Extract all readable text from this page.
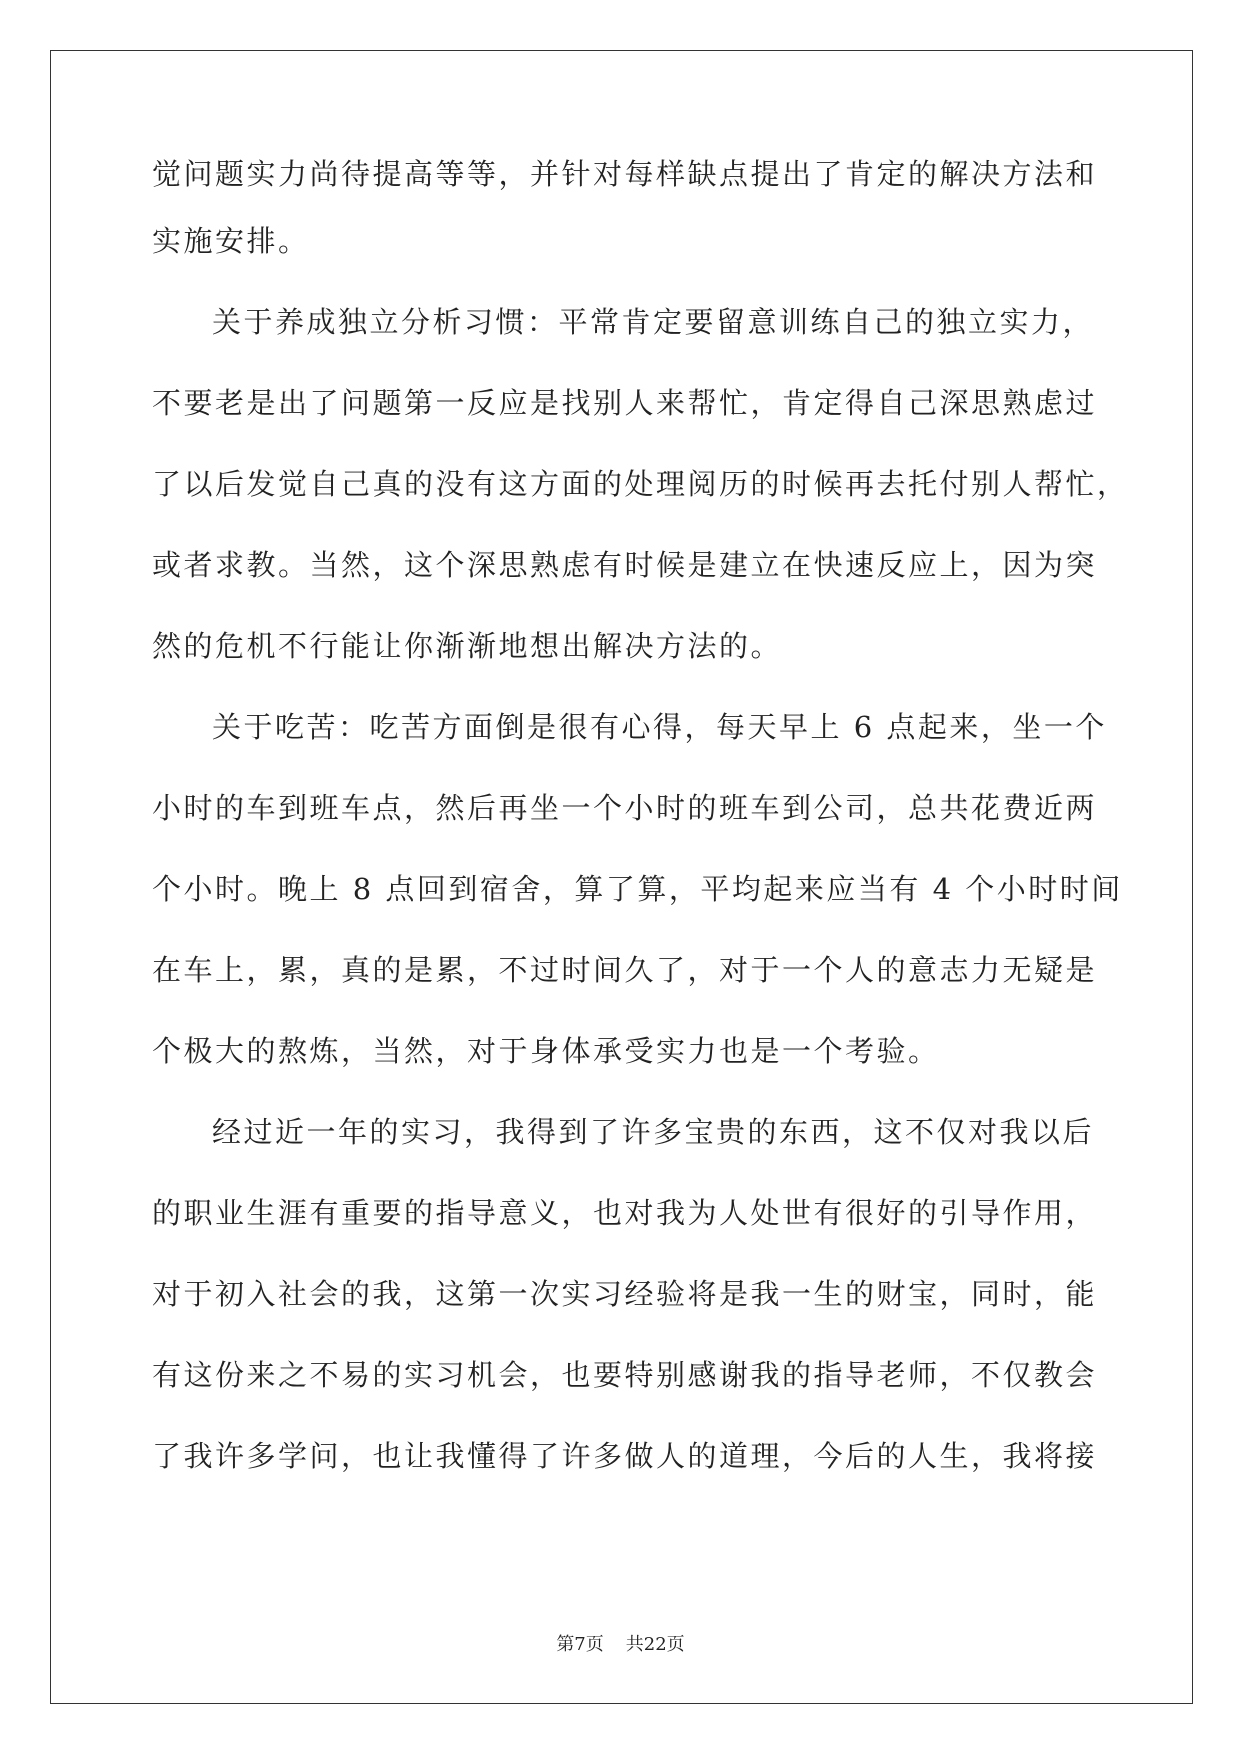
觉问题实力尚待提高等等，并针对每样缺点提出了肯定的解决方法和
实施安排。
关于养成独立分析习惯：平常肯定要留意训练自己的独立实力，
不要老是出了问题第一反应是找别人来帮忙，肯定得自己深思熟虑过
了以后发觉自己真的没有这方面的处理阅历的时候再去托付别人帮忙，
或者求教。当然，这个深思熟虑有时候是建立在快速反应上，因为突
然的危机不行能让你渐渐地想出解决方法的。
关于吃苦：吃苦方面倒是很有心得，每天早上 6 点起来，坐一个
小时的车到班车点，然后再坐一个小时的班车到公司，总共花费近两
个小时。晚上 8 点回到宿舍，算了算，平均起来应当有 4 个小时时间
在车上，累，真的是累，不过时间久了，对于一个人的意志力无疑是
个极大的熬炼，当然，对于身体承受实力也是一个考验。
经过近一年的实习，我得到了许多宝贵的东西，这不仅对我以后
的职业生涯有重要的指导意义，也对我为人处世有很好的引导作用，
对于初入社会的我，这第一次实习经验将是我一生的财宝，同时，能
有这份来之不易的实习机会，也要特别感谢我的指导老师，不仅教会
了我许多学问，也让我懂得了许多做人的道理，今后的人生，我将接
第7页 共22页
